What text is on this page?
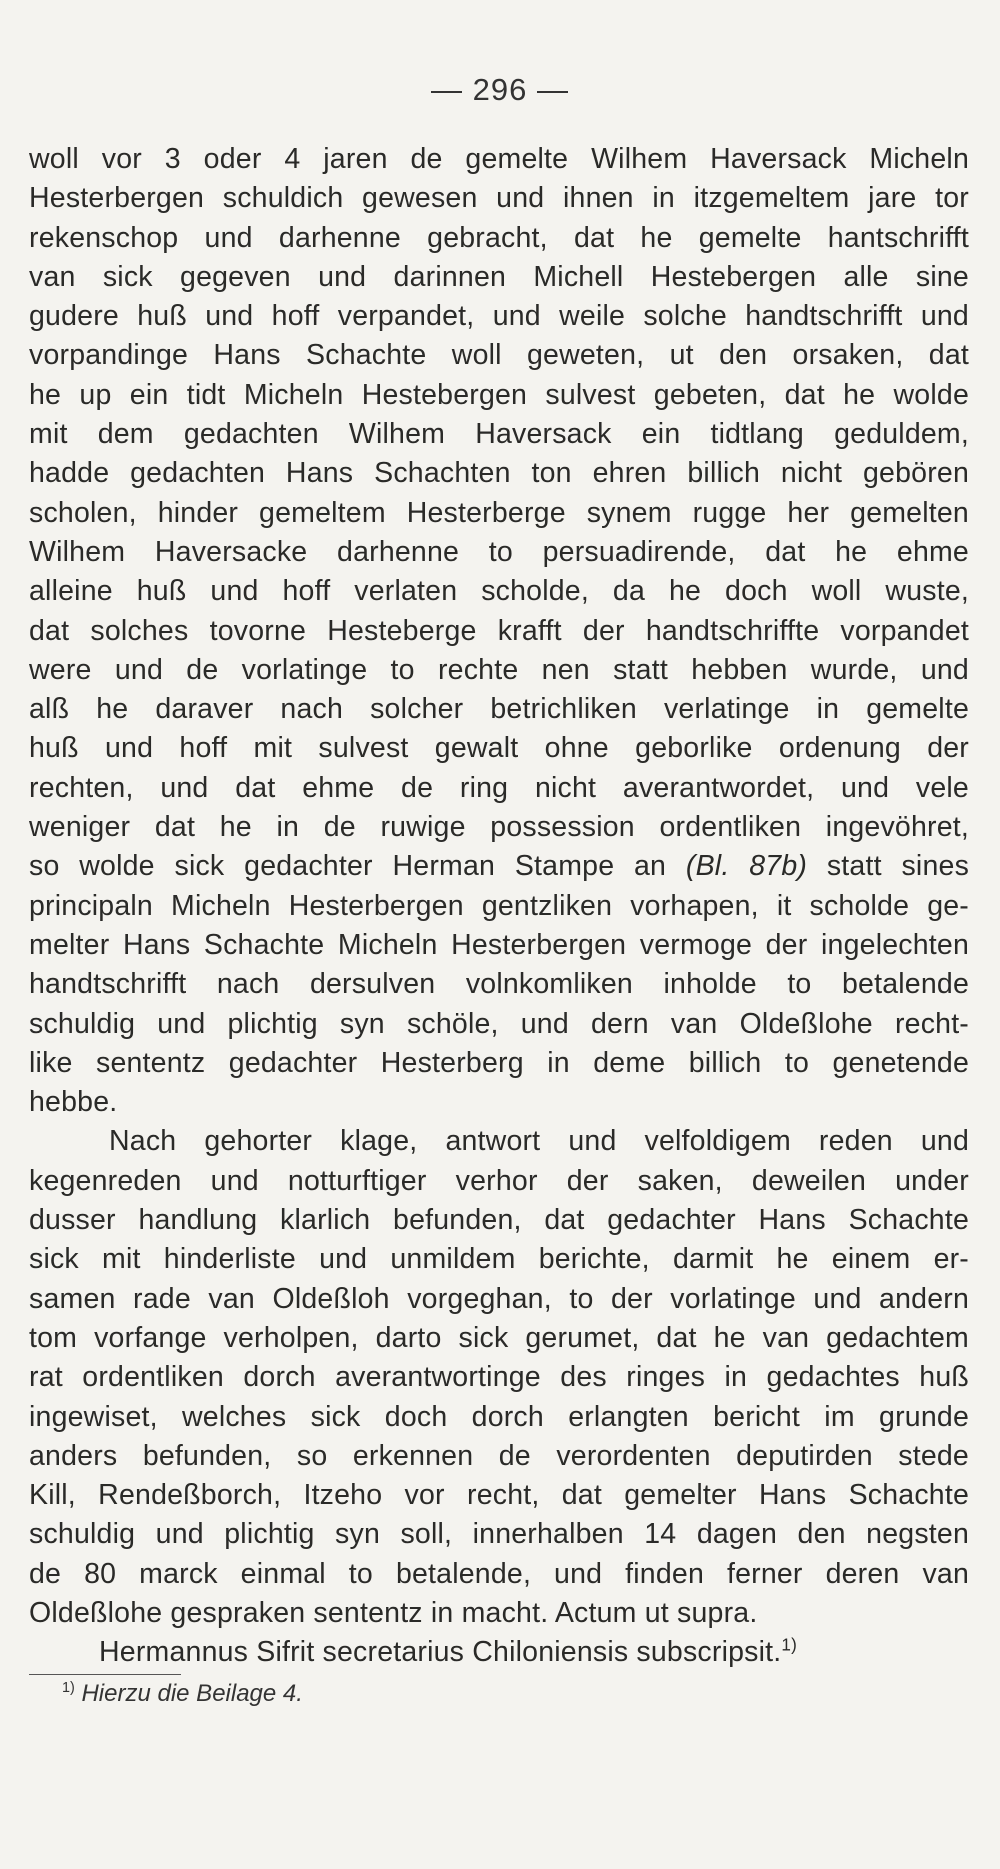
— 296 —
woll vor 3 oder 4 jaren de gemelte Wilhem Haversack Micheln
Hesterbergen schuldich gewesen und ihnen in itzgemeltem jare tor
rekenschop und darhenne gebracht, dat he gemelte hantschrifft
van sick gegeven und darinnen Michell Hestebergen alle sine
gudere huß und hoff verpandet, und weile solche handtschrifft und
vorpandinge Hans Schachte woll geweten, ut den orsaken, dat
he up ein tidt Micheln Hestebergen sulvest gebeten, dat he wolde
mit dem gedachten Wilhem Haversack ein tidtlang geduldem,
hadde gedachten Hans Schachten ton ehren billich nicht gebören
scholen, hinder gemeltem Hesterberge synem rugge her gemelten
Wilhem Haversacke darhenne to persuadirende, dat he ehme
alleine huß und hoff verlaten scholde, da he doch woll wuste,
dat solches tovorne Hesteberge krafft der handtschriffte vorpandet
were und de vorlatinge to rechte nen statt hebben wurde, und
alß he daraver nach solcher betrichliken verlatinge in gemelte
huß und hoff mit sulvest gewalt ohne geborlike ordenung der
rechten, und dat ehme de ring nicht averantwordet, und vele
weniger dat he in de ruwige possession ordentliken ingevöhret,
so wolde sick gedachter Herman Stampe an (Bl. 87b) statt sines
principaln Micheln Hesterbergen gentzliken vorhapen, it scholde ge-
melter Hans Schachte Micheln Hesterbergen vermoge der ingelechten
handtschrifft nach dersulven volnkomliken inholde to betalende
schuldig und plichtig syn schöle, und dern van Oldeßlohe recht-
like sententz gedachter Hesterberg in deme billich to genetende
hebbe.
Nach gehorter klage, antwort und velfoldigem reden und
kegenreden und notturftiger verhor der saken, deweilen under
dusser handlung klarlich befunden, dat gedachter Hans Schachte
sick mit hinderliste und unmildem berichte, darmit he einem er-
samen rade van Oldeßloh vorgeghan, to der vorlatinge und andern
tom vorfange verholpen, darto sick gerumet, dat he van gedachtem
rat ordentliken dorch averantwortinge des ringes in gedachtes huß
ingewiset, welches sick doch dorch erlangten bericht im grunde
anders befunden, so erkennen de verordenten deputirden stede
Kill, Rendeßborch, Itzeho vor recht, dat gemelter Hans Schachte
schuldig und plichtig syn soll, innerhalben 14 dagen den negsten
de 80 marck einmal to betalende, und finden ferner deren van
Oldeßlohe gespraken sententz in macht. Actum ut supra.
Hermannus Sifrit secretarius Chiloniensis subscripsit.$^{1)}$
$^{1)}$ Hierzu die Beilage 4.
